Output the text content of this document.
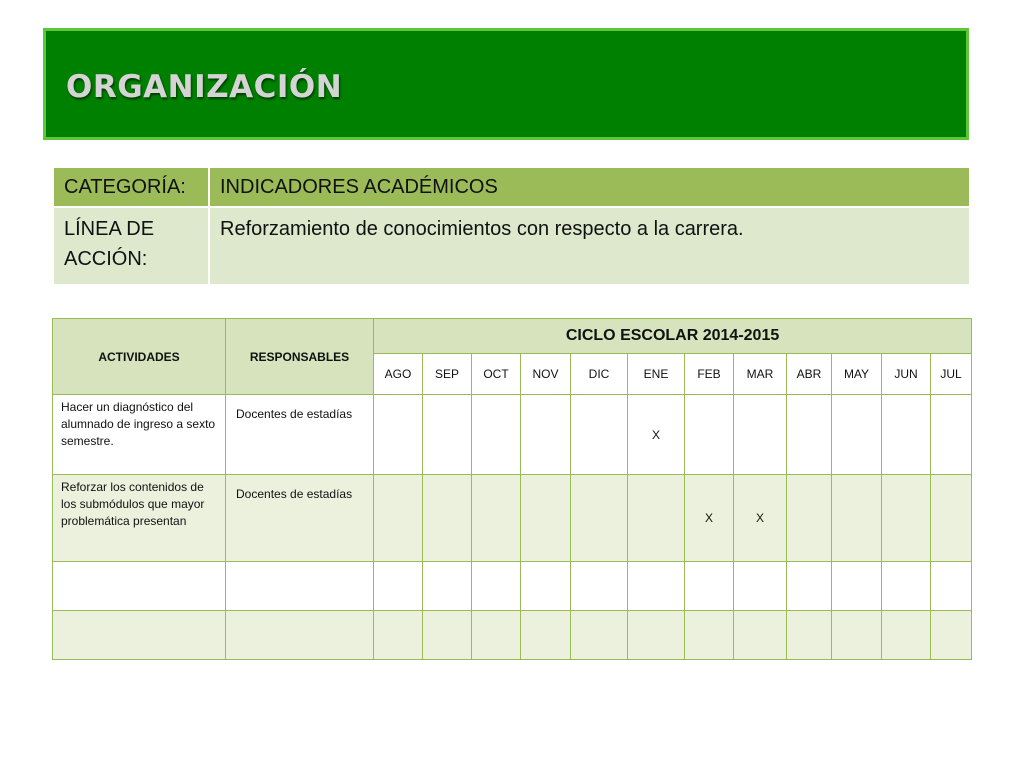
ORGANIZACIÓN
CATEGORÍA:	INDICADORES ACADÉMICOS
LÍNEA DE ACCIÓN:	Reforzamiento de conocimientos con respecto a la carrera.
ACTIVIDADES	RESPONSABLES	CICLO ESCOLAR 2014-2015											
		AGO	SEP	OCT	NOV	DIC	ENE	FEB	MAR	ABR	MAY	JUN	JUL
Hacer un diagnóstico del alumnado de ingreso a sexto semestre.	Docentes de estadías						X						
Reforzar los contenidos de los submódulos que mayor problemática presentan	Docentes de estadías							X	X				
